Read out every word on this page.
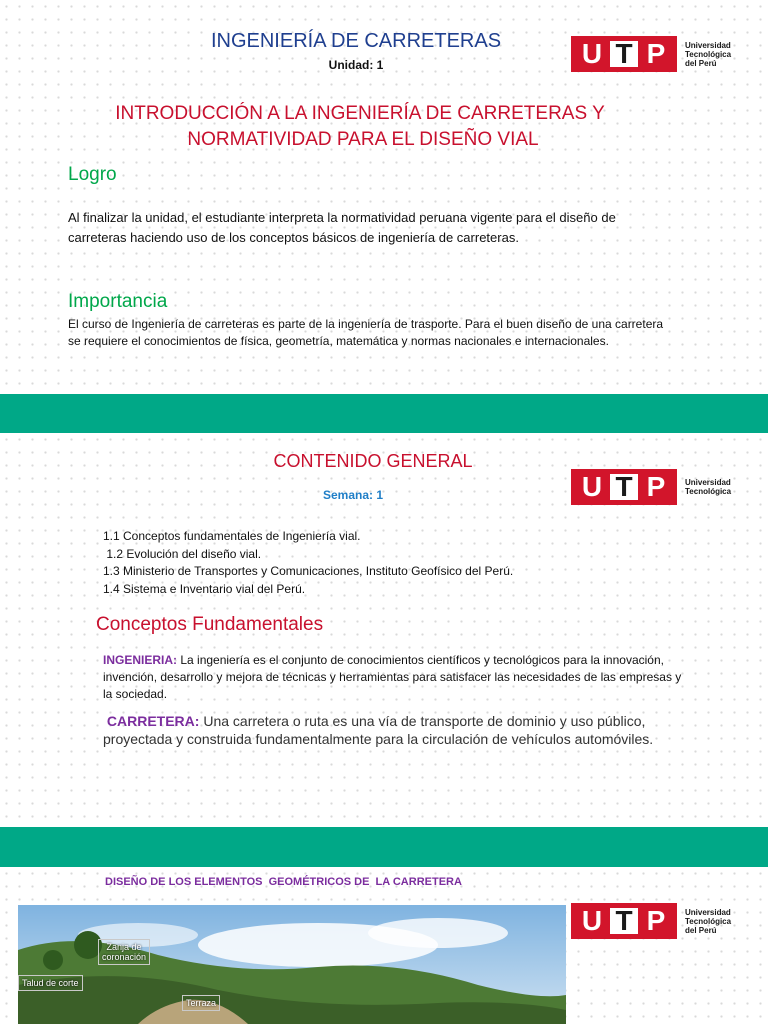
INGENIERÍA DE CARRETERAS
Unidad: 1	U T P	Universidad
Tecnológica
del Perú
INTRODUCCIÓN A LA INGENIERÍA DE CARRETERAS Y
NORMATIVIDAD PARA EL DISEÑO VIAL
Logro
Al finalizar la unidad, el estudiante interpreta la normatividad peruana vigente para el diseño de
carreteras haciendo uso de los conceptos básicos de ingeniería de carreteras.
Importancia
El curso de Ingeniería de carreteras es parte de la ingeniería de trasporte. Para el buen diseño de una carretera
se requiere el conocimientos de física, geometría, matemática y normas nacionales e internacionales.
CONTENIDO GENERAL
Semana: 1	U T P	Universidad
Tecnológica
1.1 Conceptos fundamentales de Ingeniería vial.
1.2 Evolución del diseño vial.
1.3 Ministerio de Transportes y Comunicaciones, Instituto Geofísico del Perú.
1.4 Sistema e Inventario vial del Perú.
Conceptos Fundamentales
INGENIERIA: La ingeniería es el conjunto de conocimientos científicos y tecnológicos para la innovación,
invención, desarrollo y mejora de técnicas y herramientas para satisfacer las necesidades de las empresas y
la sociedad.
CARRETERA: Una carretera o ruta es una vía de transporte de dominio y uso público,
proyectada y construida fundamentalmente para la circulación de vehículos automóviles.
DISEÑO DE LOS ELEMENTOS  GEOMÉTRICOS DE  LA CARRETERA
U T P	Universidad
Tecnológica
del Perú
Zanja de
coronación
Talud de corte
Terraza
